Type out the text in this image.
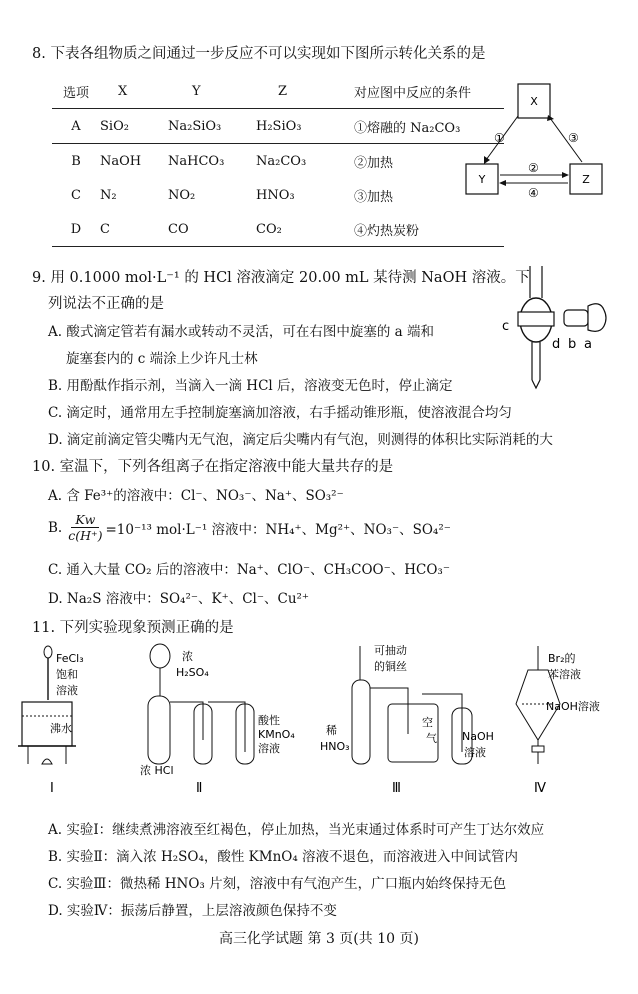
8. 下表各组物质之间通过一步反应不可以实现如下图所示转化关系的是
选项	X	Y	Z	对应图中反应的条件
A	SiO₂	Na₂SiO₃	H₂SiO₃	①熔融的 Na₂CO₃
B	NaOH	NaHCO₃	Na₂CO₃	②加热
C	N₂	NO₂	HNO₃	③加热
D	C	CO	CO₂	④灼热炭粉
X
Y	Z
①	③
②
④
9. 用 0.1000 mol·L⁻¹ 的 HCl 溶液滴定 20.00 mL 某待测 NaOH 溶液。下
列说法不正确的是
A. 酸式滴定管若有漏水或转动不灵活，可在右图中旋塞的 a 端和
旋塞套内的 c 端涂上少许凡士林
B. 用酚酞作指示剂，当滴入一滴 HCl 后，溶液变无色时，停止滴定
C. 滴定时，通常用左手控制旋塞滴加溶液，右手摇动锥形瓶，使溶液混合均匀
D. 滴定前滴定管尖嘴内无气泡，滴定后尖嘴内有气泡，则测得的体积比实际消耗的大
c
d b a
10. 室温下，下列各组离子在指定溶液中能大量共存的是
A. 含 Fe³⁺的溶液中：Cl⁻、NO₃⁻、Na⁺、SO₃²⁻
B. $\frac{Kw}{c(H^+)} =10^{-13}$ mol·L⁻¹ 溶液中：NH₄⁺、Mg²⁺、NO₃⁻、SO₄²⁻
C. 通入大量 CO₂ 后的溶液中：Na⁺、ClO⁻、CH₃COO⁻、HCO₃⁻
D. Na₂S 溶液中：SO₄²⁻、K⁺、Cl⁻、Cu²⁺
11. 下列实验现象预测正确的是
FeCl₃
饱和
溶液
沸水
Ⅰ
浓
H₂SO₄
酸性
KMnO₄
溶液
浓 HCl
Ⅱ
可抽动
的铜丝
稀
HNO₃
空
气 NaOH
溶液
Ⅲ
Br₂的
苯溶液
NaOH溶液
Ⅳ
A. 实验Ⅰ：继续煮沸溶液至红褐色，停止加热，当光束通过体系时可产生丁达尔效应
B. 实验Ⅱ：滴入浓 H₂SO₄，酸性 KMnO₄ 溶液不退色，而溶液进入中间试管内
C. 实验Ⅲ：微热稀 HNO₃ 片刻，溶液中有气泡产生，广口瓶内始终保持无色
D. 实验Ⅳ：振荡后静置，上层溶液颜色保持不变
高三化学试题 第 3 页(共 10 页)
